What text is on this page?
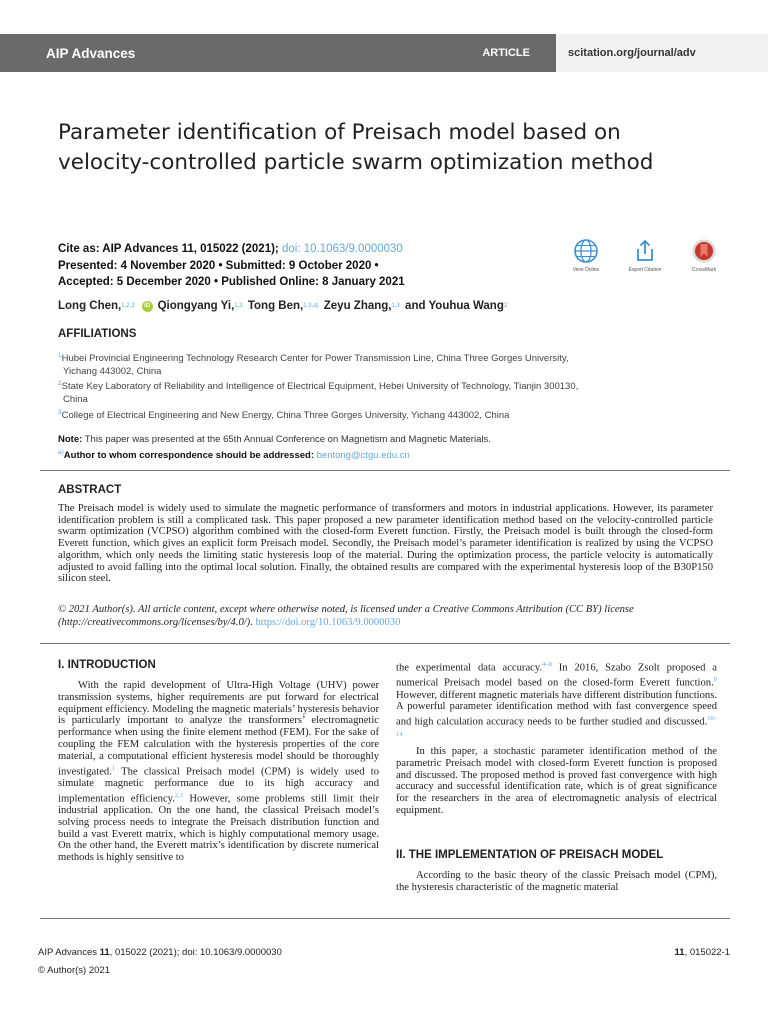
AIP Advances	ARTICLE	scitation.org/journal/adv
Parameter identification of Preisach model based on velocity-controlled particle swarm optimization method
Cite as: AIP Advances 11, 015022 (2021); doi: 10.1063/9.0000030
Presented: 4 November 2020 • Submitted: 9 October 2020 •
Accepted: 5 December 2020 • Published Online: 8 January 2021
View Online	Export Citation	CrossMark
Long Chen, 1,2,3	iD Qiongyang Yi, 1,3
Tong Ben, 1,3,a)
Zeyu Zhang, 1,3
and Youhua Wang 2
AFFILIATIONS
$^1$Hubei Provincial Engineering Technology Research Center for Power Transmission Line, China Three Gorges University,
Yichang 443002, China
$^2$State Key Laboratory of Reliability and Intelligence of Electrical Equipment, Hebei University of Technology, Tianjin 300130,
China
$^3$College of Electrical Engineering and New Energy, China Three Gorges University, Yichang 443002, China
Note: This paper was presented at the 65th Annual Conference on Magnetism and Magnetic Materials.
$^{a)}$Author to whom correspondence should be addressed: bentong@ctgu.edu.cn
ABSTRACT
The Preisach model is widely used to simulate the magnetic performance of transformers and motors in industrial applications. However, its parameter identification problem is still a complicated task. This paper proposed a new parameter identification method based on the velocity-controlled particle swarm optimization (VCPSO) algorithm combined with the closed-form Everett function. Firstly, the Preisach model is built through the closed-form Everett function, which gives an explicit form Preisach model. Secondly, the Preisach model’s parameter identification is realized by using the VCPSO algorithm, which only needs the limiting static hysteresis loop of the material. During the optimization process, the particle velocity is automatically adjusted to avoid falling into the optimal local solution. Finally, the obtained results are compared with the experimental hysteresis loop of the B30P150 silicon steel.
© 2021 Author(s). All article content, except where otherwise noted, is licensed under a Creative Commons Attribution (CC BY) license (http://creativecommons.org/licenses/by/4.0/). https://doi.org/10.1063/9.0000030
I. INTRODUCTION

With the rapid development of Ultra-High Voltage (UHV) power transmission systems, higher requirements are put forward for electrical equipment efficiency. Modeling the magnetic materials’ hysteresis behavior is particularly important to analyze the transformers’ electromagnetic performance when using the finite element method (FEM). For the sake of coupling the FEM calculation with the hysteresis properties of the core material, a computational efficient hysteresis model should be thoroughly investigated.$^1$ The classical Preisach model (CPM) is widely used to simulate magnetic performance due to its high accuracy and implementation efficiency.$^{2,3}$ However, some problems still limit their industrial application. On the one hand, the classical Preisach model’s solving process needs to integrate the Preisach distribution function and build a vast Everett matrix, which is highly computational memory usage. On the other hand, the Everett matrix’s identification by discrete numerical methods is highly sensitive to

the experimental data accuracy.$^{4-8}$ In 2016, Szabo Zsolt proposed a numerical Preisach model based on the closed-form Everett function.$^9$ However, different magnetic materials have different distribution functions. A powerful parameter identification method with fast convergence speed and high calculation accuracy needs to be further studied and discussed.$^{10-14}$

In this paper, a stochastic parameter identification method of the parametric Preisach model with closed-form Everett function is proposed and discussed. The proposed method is proved fast convergence with high accuracy and successful identification rate, which is of great significance for the researchers in the area of electromagnetic analysis of electrical equipment.

II. THE IMPLEMENTATION OF PREISACH MODEL

According to the basic theory of the classic Preisach model (CPM), the hysteresis characteristic of the magnetic material

AIP Advances 11, 015022 (2021); doi: 10.1063/9.0000030
© Author(s) 2021
11, 015022-1
